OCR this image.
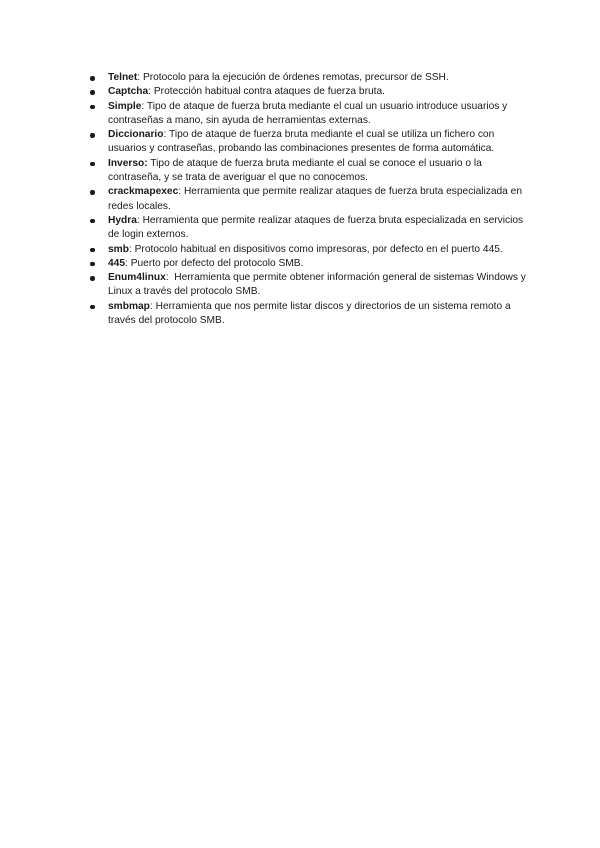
Telnet: Protocolo para la ejecución de órdenes remotas, precursor de SSH.
Captcha: Protección habitual contra ataques de fuerza bruta.
Simple: Tipo de ataque de fuerza bruta mediante el cual un usuario introduce usuarios y contraseñas a mano, sin ayuda de herramientas externas.
Diccionario: Tipo de ataque de fuerza bruta mediante el cual se utiliza un fichero con usuarios y contraseñas, probando las combinaciones presentes de forma automática.
Inverso: Tipo de ataque de fuerza bruta mediante el cual se conoce el usuario o la contraseña, y se trata de averiguar el que no conocemos.
crackmapexec: Herramienta que permite realizar ataques de fuerza bruta especializada en redes locales.
Hydra: Herramienta que permite realizar ataques de fuerza bruta especializada en servicios de login externos.
smb: Protocolo habitual en dispositivos como impresoras, por defecto en el puerto 445.
445: Puerto por defecto del protocolo SMB.
Enum4linux: Herramienta que permite obtener información general de sistemas Windows y Linux a través del protocolo SMB.
smbmap: Herramienta que nos permite listar discos y directorios de un sistema remoto a través del protocolo SMB.
